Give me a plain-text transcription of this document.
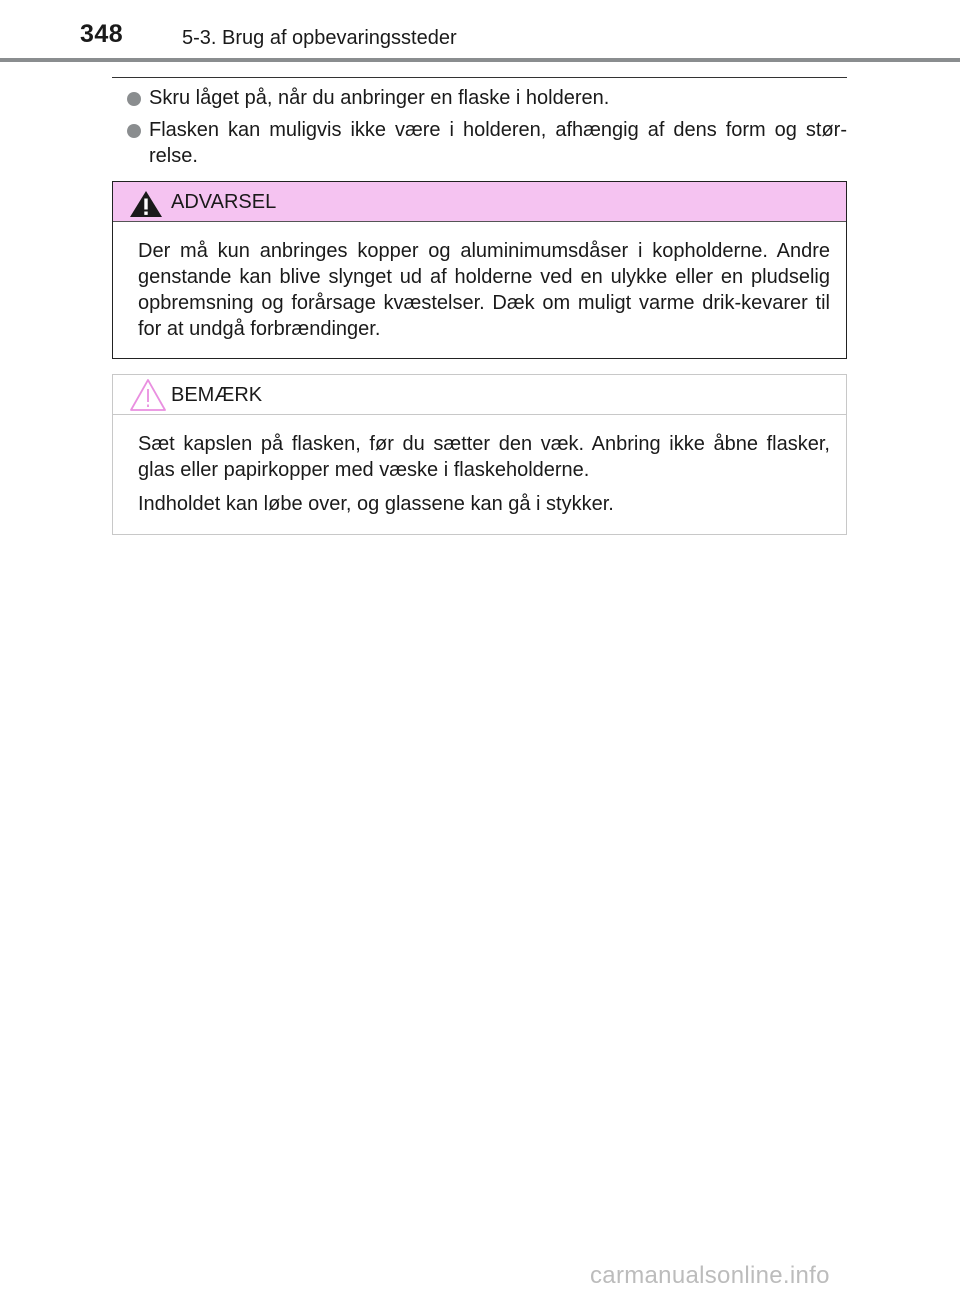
348	5-3. Brug af opbevaringssteder
Skru låget på, når du anbringer en flaske i holderen.
Flasken kan muligvis ikke være i holderen, afhængig af dens form og stør-relse.
ADVARSEL

Der må kun anbringes kopper og aluminimumsdåser i kopholderne. Andre genstande kan blive slynget ud af holderne ved en ulykke eller en pludselig opbremsning og forårsage kvæstelser. Dæk om muligt varme drik-kevarer til for at undgå forbrændinger.

BEMÆRK

Sæt kapslen på flasken, før du sætter den væk. Anbring ikke åbne flasker, glas eller papirkopper med væske i flaskeholderne.

Indholdet kan løbe over, og glassene kan gå i stykker.

carmanualsonline.info
